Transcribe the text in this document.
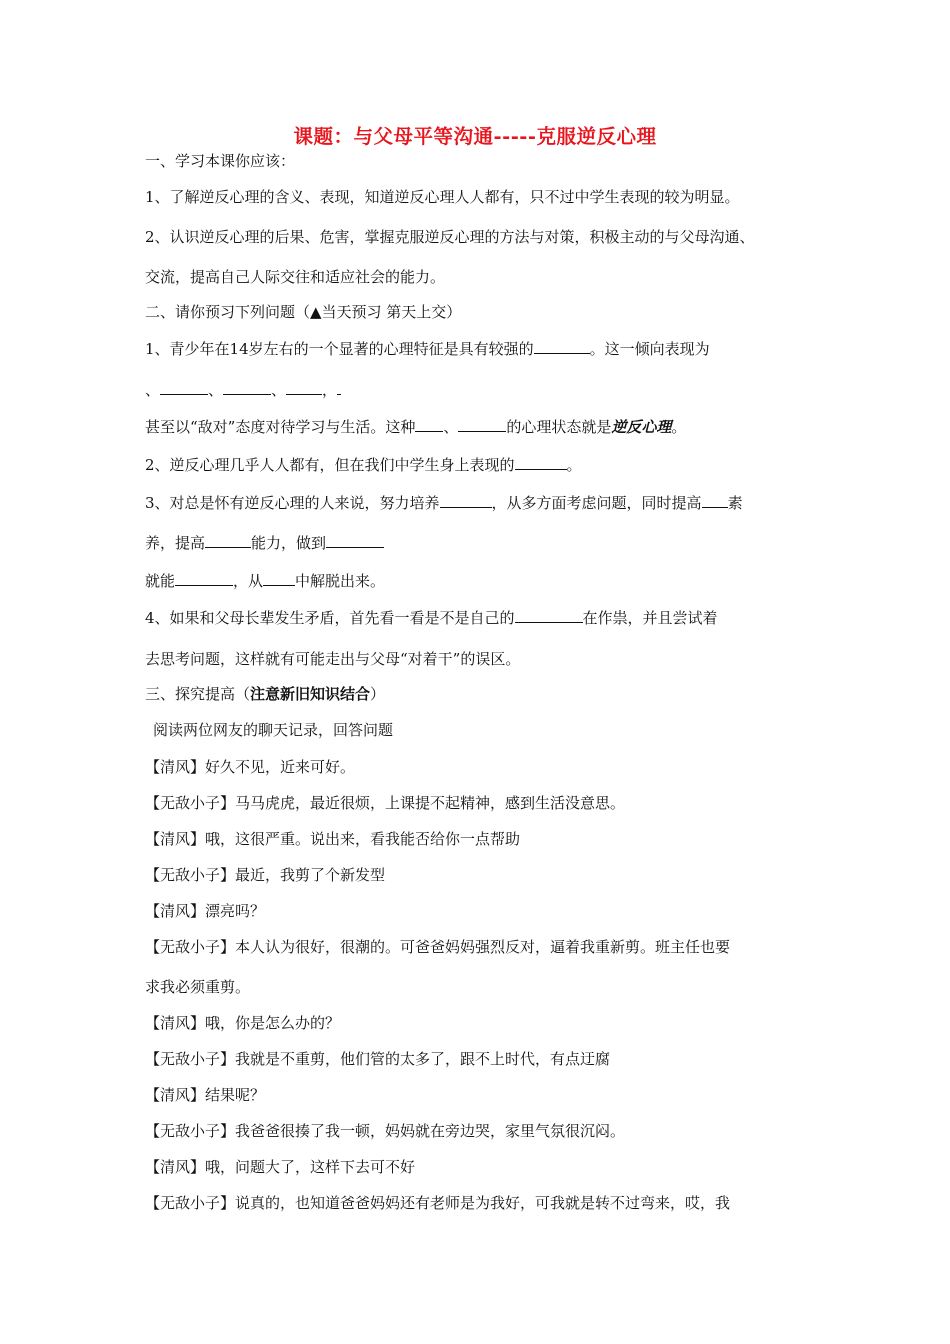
课题：与父母平等沟通-----克服逆反心理
一、学习本课你应该：
1、了解逆反心理的含义、表现，知道逆反心理人人都有，只不过中学生表现的较为明显。
2、认识逆反心理的后果、危害，掌握克服逆反心理的方法与对策，积极主动的与父母沟通、
交流，提高自己人际交往和适应社会的能力。
二、请你预习下列问题（▲当天预习 第天上交）
1、青少年在14岁左右的一个显著的心理特征是具有较强的	。这一倾向表现为
、	、	、 ，
甚至以“敌对”态度对待学习与生活。这种 、	的心理状态就是逆反心理。
2、逆反心理几乎人人都有，但在我们中学生身上表现的	。
3、对总是怀有逆反心理的人来说，努力培养	，从多方面考虑问题，同时提高 素
养，提高	能力，做到
就能	，从 中解脱出来。
4、如果和父母长辈发生矛盾，首先看一看是不是自己的	在作祟，并且尝试着
去思考问题，这样就有可能走出与父母“对着干”的误区。
三、探究提高（注意新旧知识结合）
阅读两位网友的聊天记录，回答问题
【清风】好久不见，近来可好。
【无敌小子】马马虎虎，最近很烦，上课提不起精神，感到生活没意思。
【清风】哦，这很严重。说出来，看我能否给你一点帮助
【无敌小子】最近，我剪了个新发型
【清风】漂亮吗？
【无敌小子】本人认为很好，很潮的。可爸爸妈妈强烈反对，逼着我重新剪。班主任也要
求我必须重剪。
【清风】哦，你是怎么办的？
【无敌小子】我就是不重剪，他们管的太多了，跟不上时代，有点迂腐
【清风】结果呢？
【无敌小子】我爸爸很揍了我一顿，妈妈就在旁边哭，家里气氛很沉闷。
【清风】哦，问题大了，这样下去可不好
【无敌小子】说真的，也知道爸爸妈妈还有老师是为我好，可我就是转不过弯来，哎，我
